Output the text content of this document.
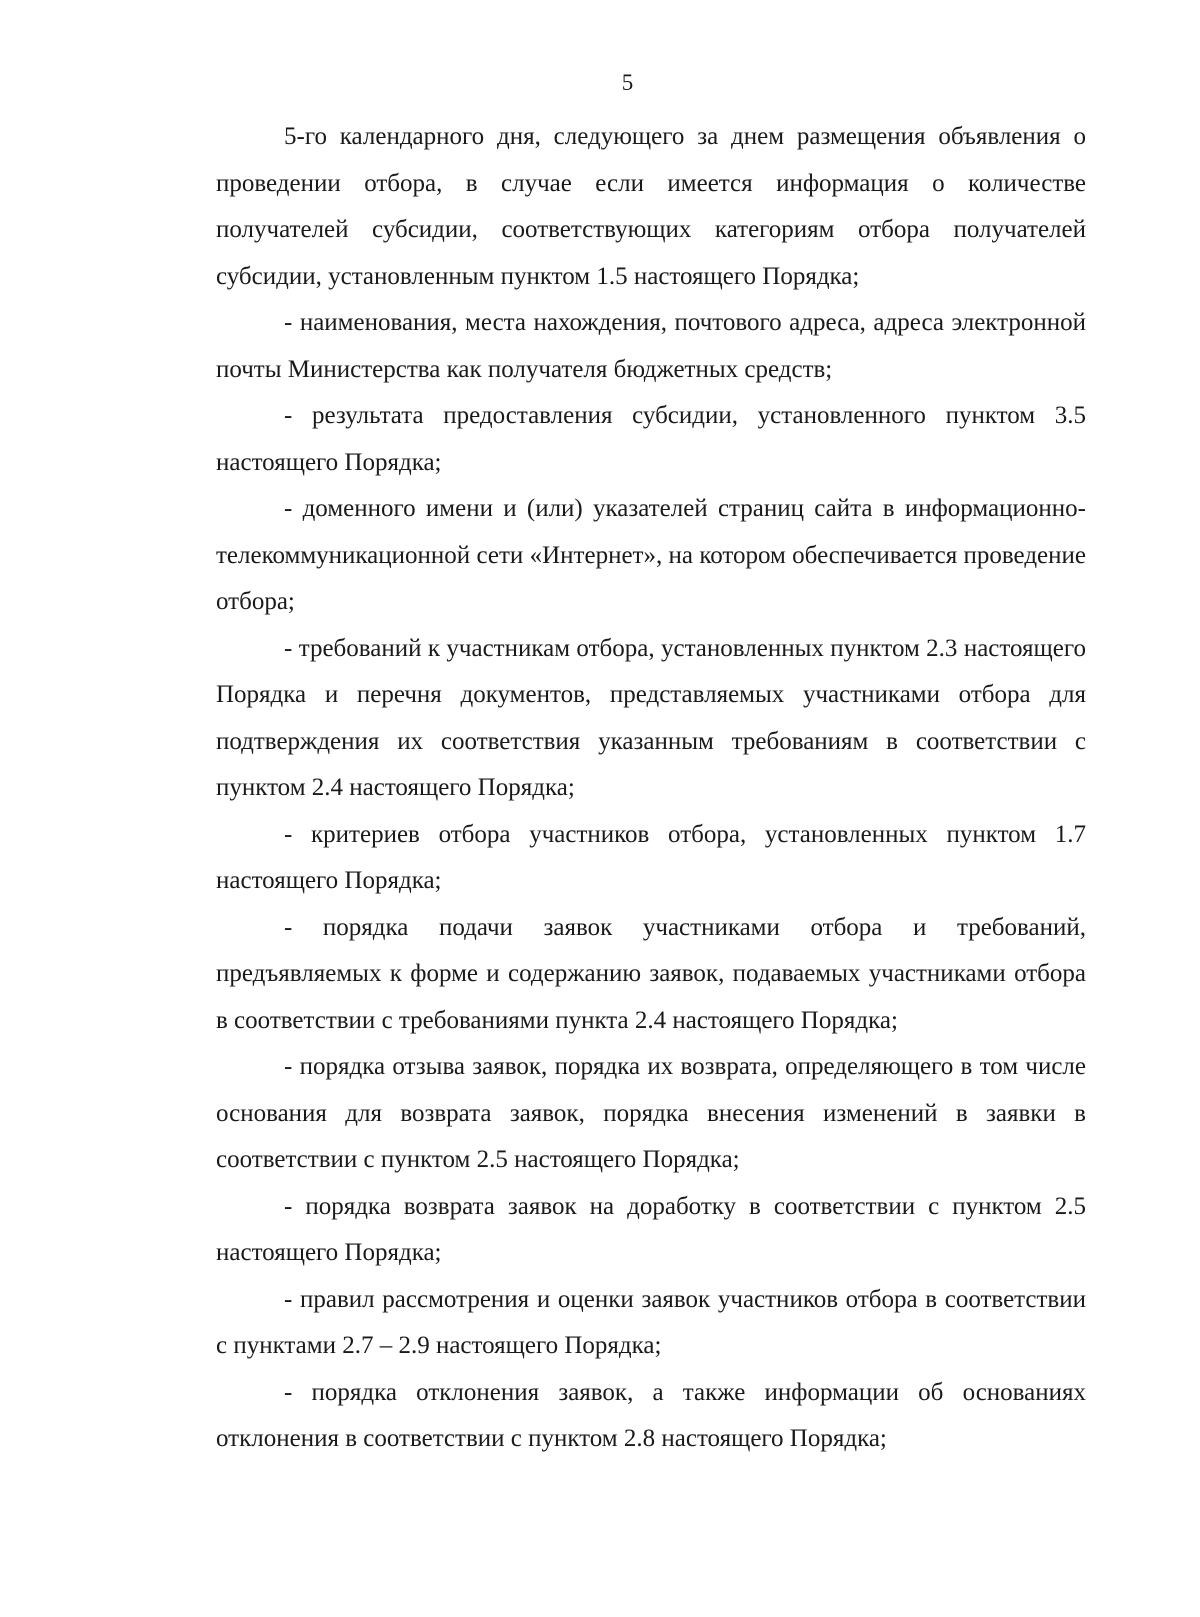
5

5-го календарного дня, следующего за днем размещения объявления о проведении отбора, в случае если имеется информация о количестве получателей субсидии, соответствующих категориям отбора получателей субсидии, установленным пунктом 1.5 настоящего Порядка;

- наименования, места нахождения, почтового адреса, адреса электронной почты Министерства как получателя бюджетных средств;

- результата предоставления субсидии, установленного пунктом 3.5 настоящего Порядка;

- доменного имени и (или) указателей страниц сайта в информационно-телекоммуникационной сети «Интернет», на котором обеспечивается проведение отбора;

- требований к участникам отбора, установленных пунктом 2.3 настоящего Порядка и перечня документов, представляемых участниками отбора для подтверждения их соответствия указанным требованиям в соответствии с пунктом 2.4 настоящего Порядка;

- критериев отбора участников отбора, установленных пунктом 1.7 настоящего Порядка;

- порядка подачи заявок участниками отбора и требований, предъявляемых к форме и содержанию заявок, подаваемых участниками отбора в соответствии с требованиями пункта 2.4 настоящего Порядка;

- порядка отзыва заявок, порядка их возврата, определяющего в том числе основания для возврата заявок, порядка внесения изменений в заявки в соответствии с пунктом 2.5 настоящего Порядка;

- порядка возврата заявок на доработку в соответствии с пунктом 2.5 настоящего Порядка;

- правил рассмотрения и оценки заявок участников отбора в соответствии с пунктами 2.7 – 2.9 настоящего Порядка;

- порядка отклонения заявок, а также информации об основаниях отклонения в соответствии с пунктом 2.8 настоящего Порядка;
